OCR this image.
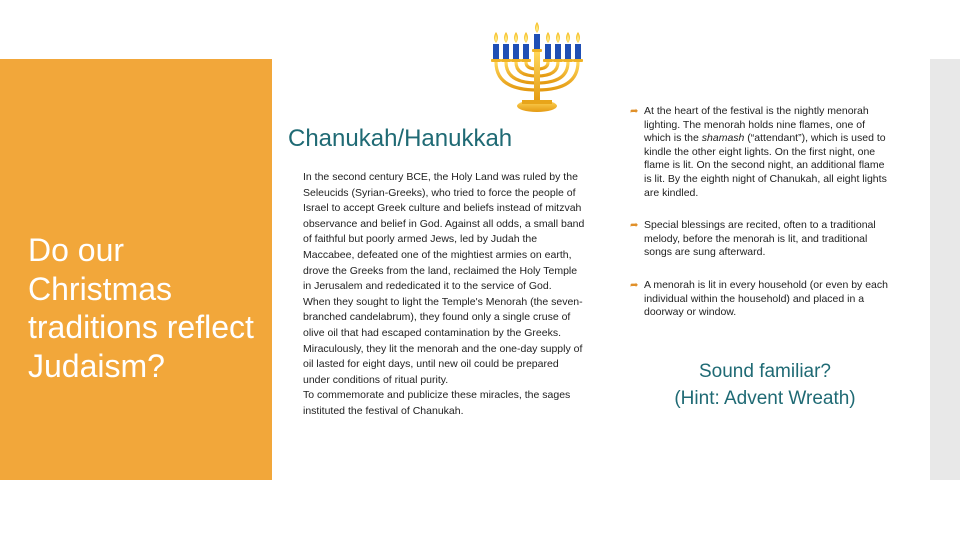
Do our Christmas traditions reflect Judaism?
Chanukah/Hanukkah

In the second century BCE, the Holy Land was ruled by the Seleucids (Syrian-Greeks), who tried to force the people of Israel to accept Greek culture and beliefs instead of mitzvah observance and belief in God. Against all odds, a small band of faithful but poorly armed Jews, led by Judah the Maccabee, defeated one of the mightiest armies on earth, drove the Greeks from the land, reclaimed the Holy Temple in Jerusalem and rededicated it to the service of God.

When they sought to light the Temple's Menorah (the seven-branched candelabrum), they found only a single cruse of olive oil that had escaped contamination by the Greeks. Miraculously, they lit the menorah and the one-day supply of oil lasted for eight days, until new oil could be prepared under conditions of ritual purity.

To commemorate and publicize these miracles, the sages instituted the festival of Chanukah.

➦ At the heart of the festival is the nightly menorah lighting. The menorah holds nine flames, one of which is the shamash (“attendant”), which is used to kindle the other eight lights. On the first night, one flame is lit. On the second night, an additional flame is lit. By the eighth night of Chanukah, all eight lights are kindled.
➦ Special blessings are recited, often to a traditional melody, before the menorah is lit, and traditional songs are sung afterward.
➦ A menorah is lit in every household (or even by each individual within the household) and placed in a doorway or window.

Sound familiar?
(Hint: Advent Wreath)
